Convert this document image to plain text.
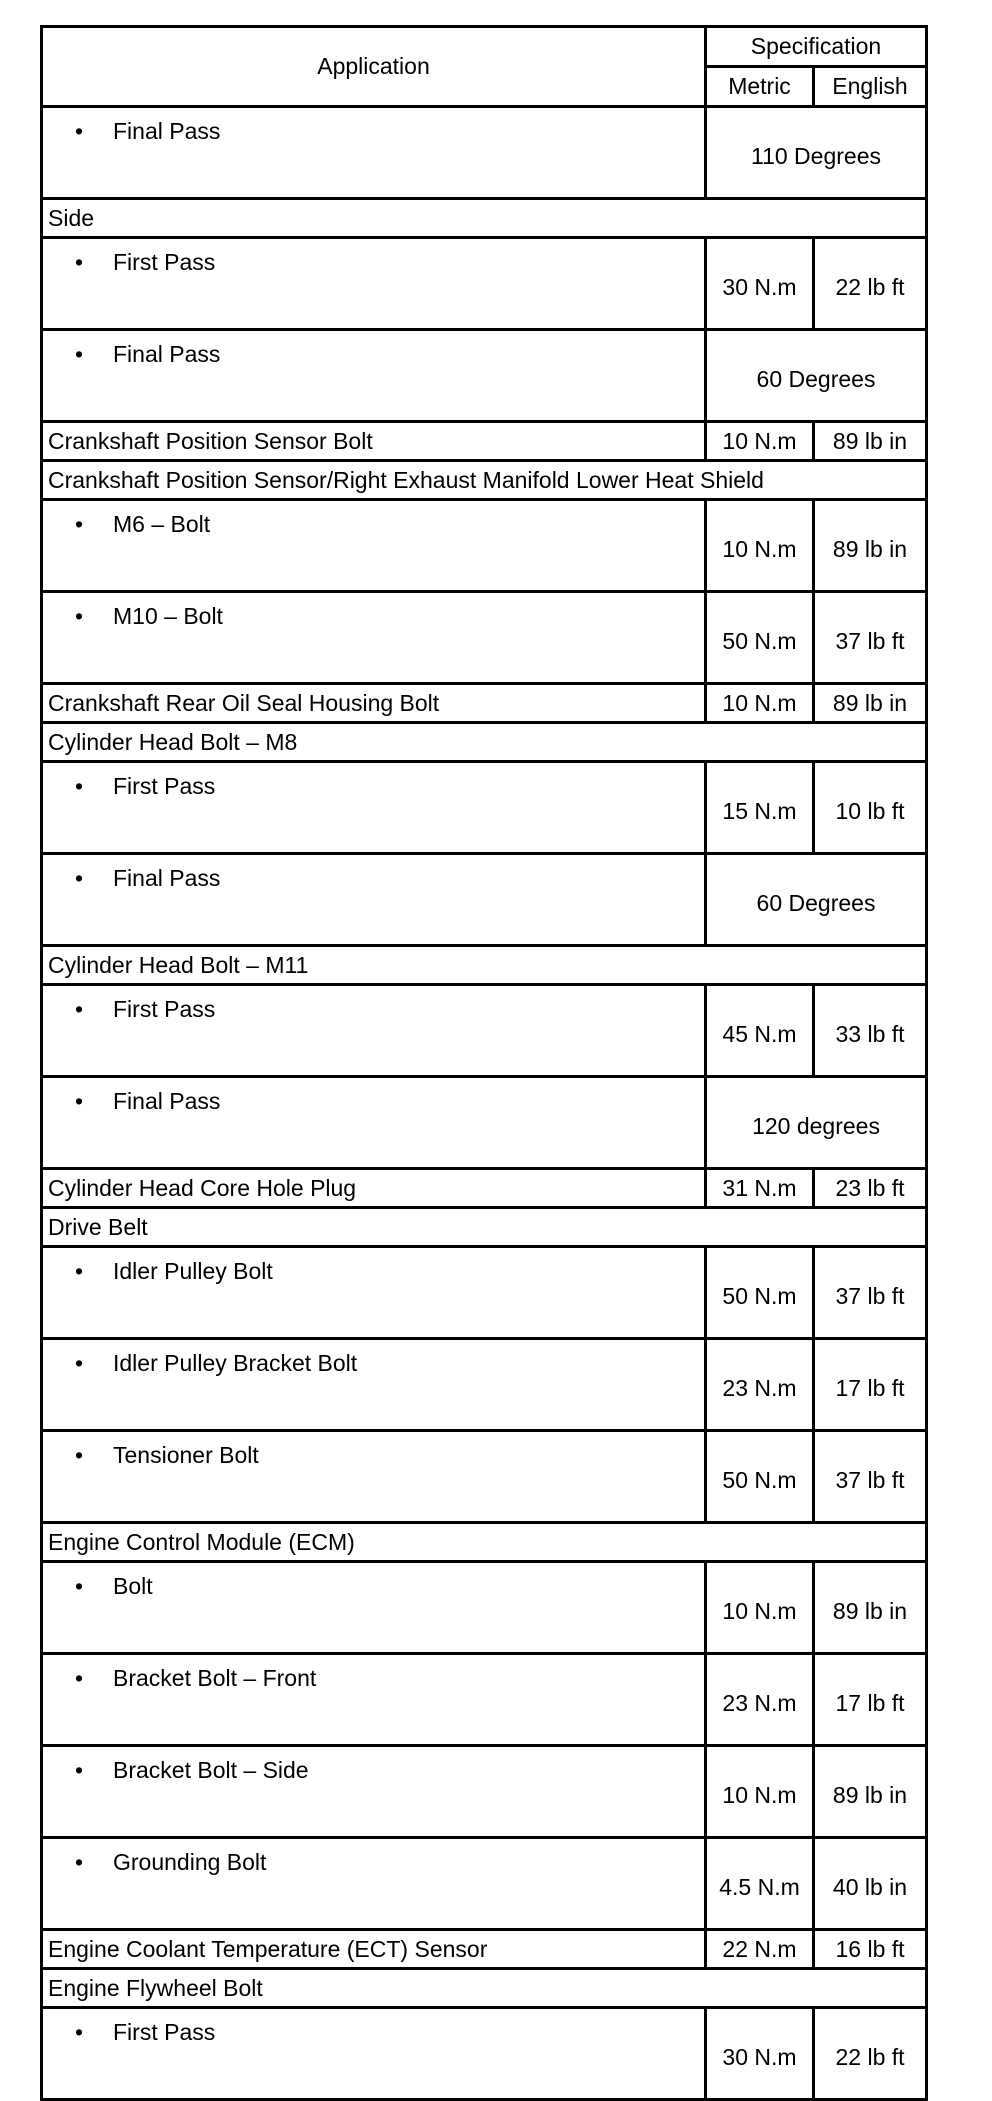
Application	Specification	
	Metric	English
• Final Pass	110 Degrees	
Side		
• First Pass	30 N.m	22 lb ft
• Final Pass	60 Degrees	
Crankshaft Position Sensor Bolt	10 N.m	89 lb in
Crankshaft Position Sensor/Right Exhaust Manifold Lower Heat Shield		
• M6 – Bolt	10 N.m	89 lb in
• M10 – Bolt	50 N.m	37 lb ft
Crankshaft Rear Oil Seal Housing Bolt	10 N.m	89 lb in
Cylinder Head Bolt – M8		
• First Pass	15 N.m	10 lb ft
• Final Pass	60 Degrees	
Cylinder Head Bolt – M11		
• First Pass	45 N.m	33 lb ft
• Final Pass	120 degrees	
Cylinder Head Core Hole Plug	31 N.m	23 lb ft
Drive Belt		
• Idler Pulley Bolt	50 N.m	37 lb ft
• Idler Pulley Bracket Bolt	23 N.m	17 lb ft
• Tensioner Bolt	50 N.m	37 lb ft
Engine Control Module (ECM)		
• Bolt	10 N.m	89 lb in
• Bracket Bolt – Front	23 N.m	17 lb ft
• Bracket Bolt – Side	10 N.m	89 lb in
• Grounding Bolt	4.5 N.m	40 lb in
Engine Coolant Temperature (ECT) Sensor	22 N.m	16 lb ft
Engine Flywheel Bolt		
• First Pass	30 N.m	22 lb ft
